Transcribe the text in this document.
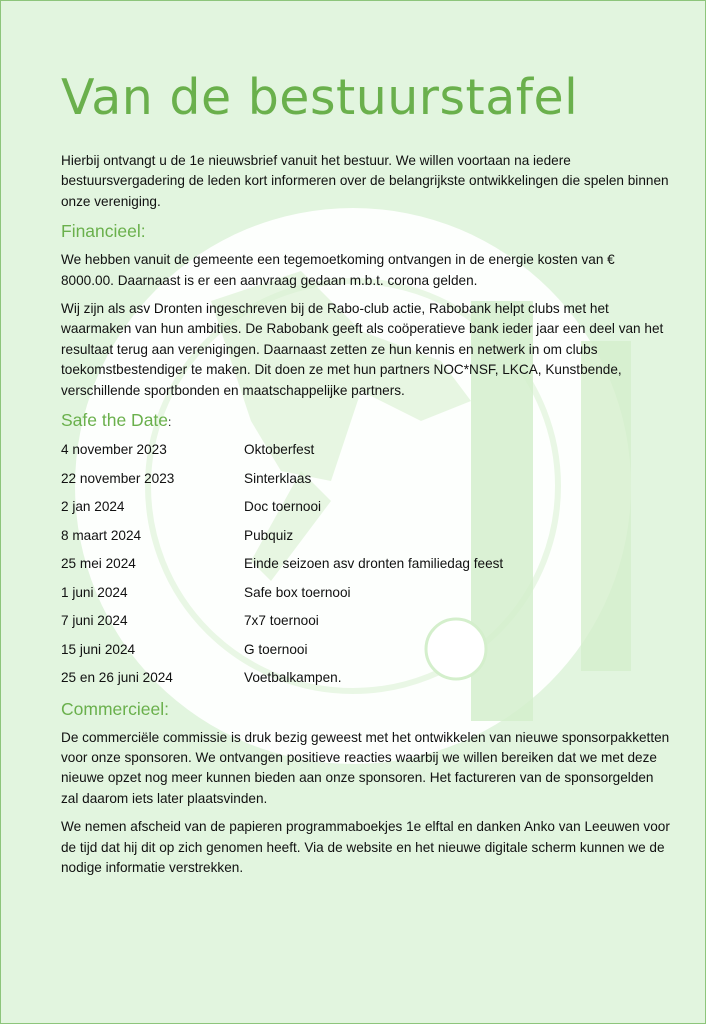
Van de bestuurstafel

Hierbij ontvangt u de 1e nieuwsbrief vanuit het bestuur. We willen voortaan na iedere bestuursvergadering de leden kort informeren over de belangrijkste ontwikkelingen die spelen binnen onze vereniging.

Financieel:

We hebben vanuit de gemeente een tegemoetkoming ontvangen in de energie kosten van € 8000.00. Daarnaast is er een aanvraag gedaan m.b.t. corona gelden.

Wij zijn als asv Dronten ingeschreven bij de Rabo-club actie, Rabobank helpt clubs met het waarmaken van hun ambities. De Rabobank geeft als coöperatieve bank ieder jaar een deel van het resultaat terug aan verenigingen. Daarnaast zetten ze hun kennis en netwerk in om clubs toekomstbestendiger te maken. Dit doen ze met hun partners NOC*NSF, LKCA, Kunstbende, verschillende sportbonden en maatschappelijke partners.

Safe the Date:
4 november 2023	Oktoberfest
22 november 2023	Sinterklaas
2 jan 2024	Doc toernooi
8 maart 2024	Pubquiz
25 mei 2024	Einde seizoen asv dronten familiedag feest
1 juni 2024	Safe box toernooi
7 juni 2024	7x7 toernooi
15 juni 2024	G toernooi
25 en 26 juni 2024	Voetbalkampen.
Commercieel:

De commerciële commissie is druk bezig geweest met het ontwikkelen van nieuwe sponsorpakketten voor onze sponsoren. We ontvangen positieve reacties waarbij we willen bereiken dat we met deze nieuwe opzet nog meer kunnen bieden aan onze sponsoren. Het factureren van de sponsorgelden zal daarom iets later plaatsvinden.

We nemen afscheid van de papieren programmaboekjes 1e elftal en danken Anko van Leeuwen voor de tijd dat hij dit op zich genomen heeft. Via de website en het nieuwe digitale scherm kunnen we de nodige informatie verstrekken.
